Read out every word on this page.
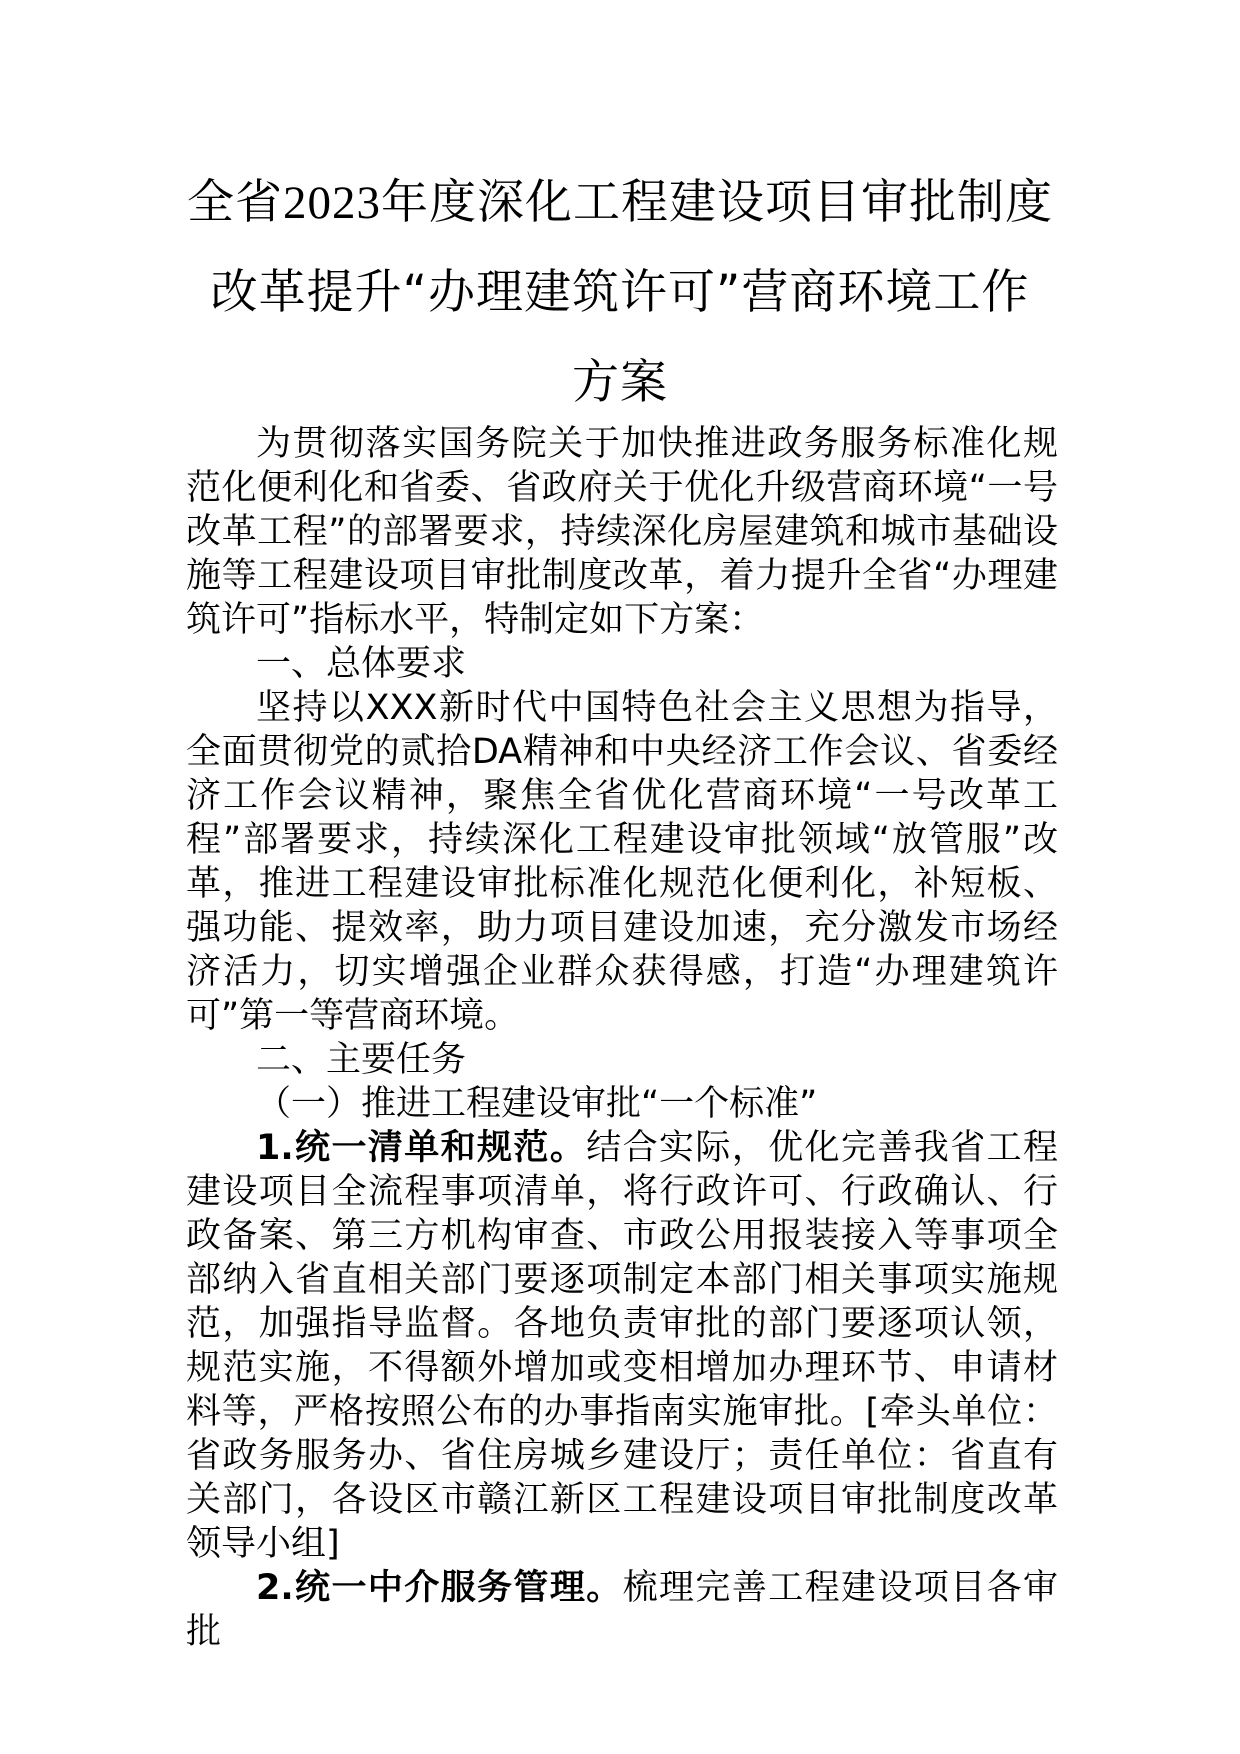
全省2023年度深化工程建设项目审批制度
改革提升“办理建筑许可”营商环境工作
方案

为贯彻落实国务院关于加快推进政务服务标准化规范化便利化和省委、省政府关于优化升级营商环境“一号改革工程”的部署要求，持续深化房屋建筑和城市基础设施等工程建设项目审批制度改革，着力提升全省“办理建筑许可”指标水平，特制定如下方案：

一、总体要求

坚持以XXX新时代中国特色社会主义思想为指导，全面贯彻党的贰拾DA精神和中央经济工作会议、省委经济工作会议精神，聚焦全省优化营商环境“一号改革工程”部署要求，持续深化工程建设审批领域“放管服”改革，推进工程建设审批标准化规范化便利化，补短板、强功能、提效率，助力项目建设加速，充分激发市场经济活力，切实增强企业群众获得感，打造“办理建筑许可”第一等营商环境。

二、主要任务

（一）推进工程建设审批“一个标准”

1.统一清单和规范。结合实际，优化完善我省工程建设项目全流程事项清单，将行政许可、行政确认、行政备案、第三方机构审查、市政公用报装接入等事项全部纳入省直相关部门要逐项制定本部门相关事项实施规范，加强指导监督。各地负责审批的部门要逐项认领，规范实施，不得额外增加或变相增加办理环节、申请材料等，严格按照公布的办事指南实施审批。[牵头单位：省政务服务办、省住房城乡建设厅；责任单位：省直有关部门，各设区市赣江新区工程建设项目审批制度改革领导小组]

2.统一中介服务管理。梳理完善工程建设项目各审批
